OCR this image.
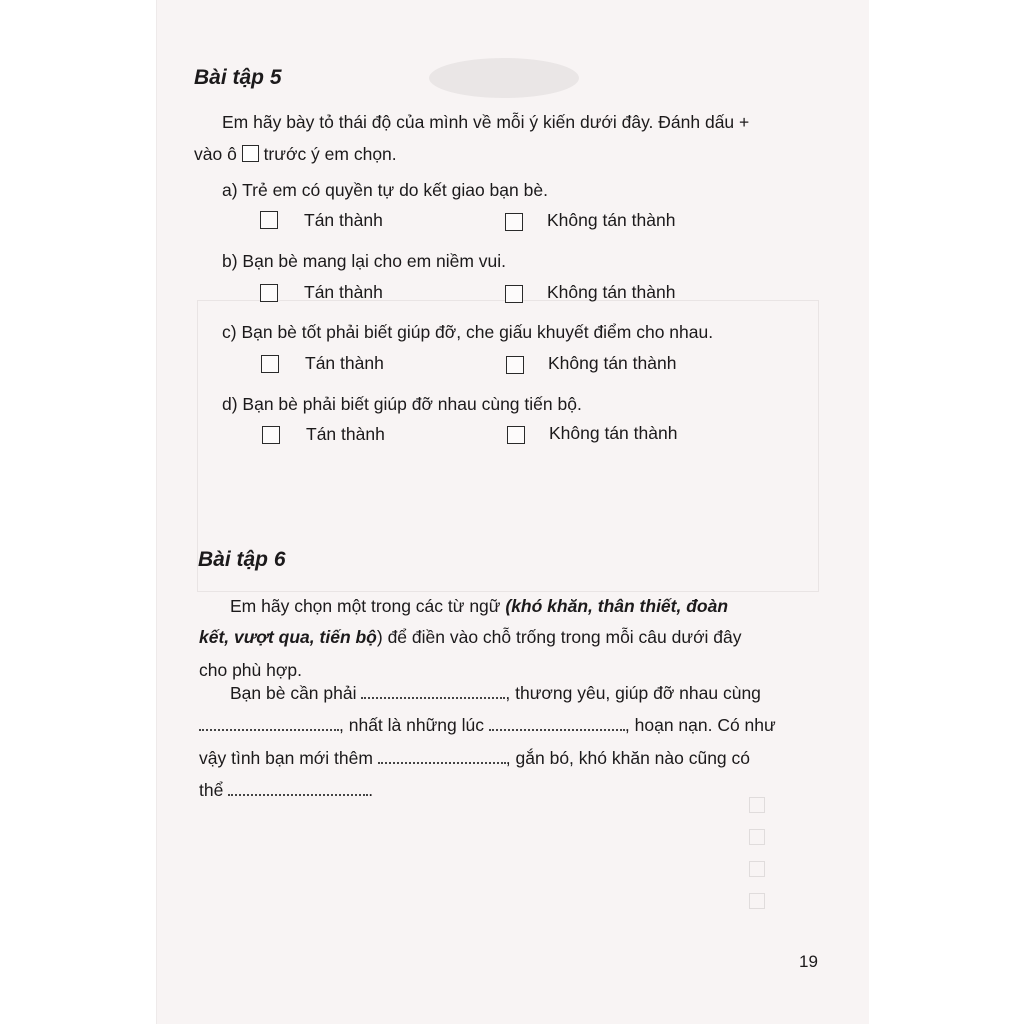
Bài tập 5
Em hãy bày tỏ thái độ của mình về mỗi ý kiến dưới đây. Đánh dấu +
vào ô trước ý em chọn.
a) Trẻ em có quyền tự do kết giao bạn bè.
Tán thành	Không tán thành
b) Bạn bè mang lại cho em niềm vui.
Tán thành	Không tán thành
c) Bạn bè tốt phải biết giúp đỡ, che giấu khuyết điểm cho nhau.
Tán thành	Không tán thành
d) Bạn bè phải biết giúp đỡ nhau cùng tiến bộ.
Tán thành	Không tán thành
Bài tập 6
Em hãy chọn một trong các từ ngữ (khó khăn, thân thiết, đoàn
kết, vượt qua, tiến bộ) để điền vào chỗ trống trong mỗi câu dưới đây
cho phù hợp.
Bạn bè cần phải	, thương yêu, giúp đỡ nhau cùng
, nhất là những lúc	, hoạn nạn. Có như
vậy tình bạn mới thêm	, gắn bó, khó khăn nào cũng có
thể	.
19
